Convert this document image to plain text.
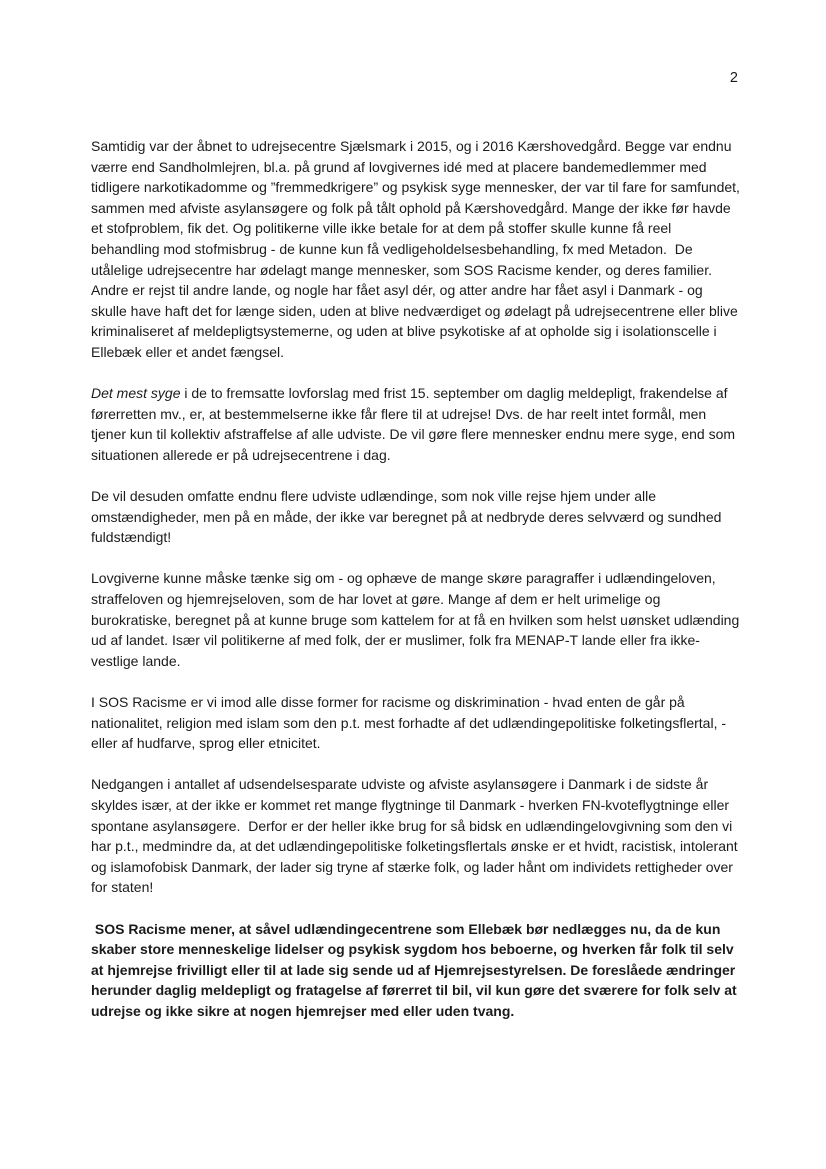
2

Samtidig var der åbnet to udrejsecentre Sjælsmark i 2015, og i 2016 Kærshovedgård. Begge var endnu værre end Sandholmlejren, bl.a. på grund af lovgivernes idé med at placere bandemedlemmer med tidligere narkotikadomme og ”fremmedkrigere” og psykisk syge mennesker, der var til fare for samfundet, sammen med afviste asylansøgere og folk på tålt ophold på Kærshovedgård. Mange der ikke før havde et stofproblem, fik det. Og politikerne ville ikke betale for at dem på stoffer skulle kunne få reel behandling mod stofmisbrug - de kunne kun få vedligeholdelsesbehandling, fx med Metadon.  De utålelige udrejsecentre har ødelagt mange mennesker, som SOS Racisme kender, og deres familier.  Andre er rejst til andre lande, og nogle har fået asyl dér, og atter andre har fået asyl i Danmark - og skulle have haft det for længe siden, uden at blive nedværdiget og ødelagt på udrejsecentrene eller blive kriminaliseret af meldepligtsystemerne, og uden at blive psykotiske af at opholde sig i isolationscelle i Ellebæk eller et andet fængsel.

Det mest syge i de to fremsatte lovforslag med frist 15. september om daglig meldepligt, frakendelse af førerretten mv., er, at bestemmelserne ikke får flere til at udrejse! Dvs. de har reelt intet formål, men tjener kun til kollektiv afstraffelse af alle udviste. De vil gøre flere mennesker endnu mere syge, end som situationen allerede er på udrejsecentrene i dag.

De vil desuden omfatte endnu flere udviste udlændinge, som nok ville rejse hjem under alle omstændigheder, men på en måde, der ikke var beregnet på at nedbryde deres selvværd og sundhed fuldstændigt!

Lovgiverne kunne måske tænke sig om - og ophæve de mange skøre paragraffer i udlændingeloven, straffeloven og hjemrejseloven, som de har lovet at gøre. Mange af dem er helt urimelige og burokratiske, beregnet på at kunne bruge som kattelem for at få en hvilken som helst uønsket udlænding ud af landet. Især vil politikerne af med folk, der er muslimer, folk fra MENAP-T lande eller fra ikke-vestlige lande.

I SOS Racisme er vi imod alle disse former for racisme og diskrimination - hvad enten de går på nationalitet, religion med islam som den p.t. mest forhadte af det udlændingepolitiske folketingsflertal, - eller af hudfarve, sprog eller etnicitet.

Nedgangen i antallet af udsendelsesparate udviste og afviste asylansøgere i Danmark i de sidste år skyldes især, at der ikke er kommet ret mange flygtninge til Danmark - hverken FN-kvoteflygtninge eller spontane asylansøgere.  Derfor er der heller ikke brug for så bidsk en udlændingelovgivning som den vi har p.t., medmindre da, at det udlændingepolitiske folketingsflertals ønske er et hvidt, racistisk, intolerant og islamofobisk Danmark, der lader sig tryne af stærke folk, og lader hånt om individets rettigheder over for staten!

SOS Racisme mener, at såvel udlændingecentrene som Ellebæk bør nedlægges nu, da de kun skaber store menneskelige lidelser og psykisk sygdom hos beboerne, og hverken får folk til selv at hjemrejse frivilligt eller til at lade sig sende ud af Hjemrejsestyrelsen. De foreslåede ændringer herunder daglig meldepligt og fratagelse af førerret til bil, vil kun gøre det sværere for folk selv at udrejse og ikke sikre at nogen hjemrejser med eller uden tvang.
